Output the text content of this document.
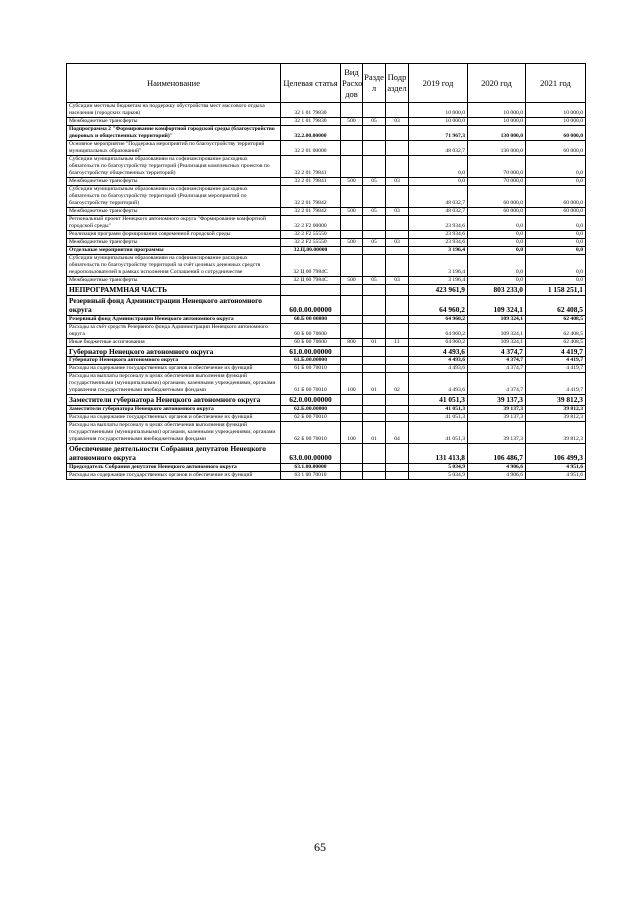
Наименование	Целевая статья	Вид Расхо дов	Разде л	Подр аздел	2019 год	2020 год	2021 год
Субсидии местным бюджетам на поддержку обустройства мест массового отдыха населения (городских парков)	32 1 01 79830				10 000,0	10 000,0	10 000,0
Межбюджетные трансферты	32 1 01 79830	500	05	03	10 000,0	10 000,0	10 000,0
Подпрограмма 2 "Формирование комфортной городской среды (благоустройство дворовых и общественных территорий)"	32.2.00.00000				71 967,3	130 000,0	60 000,0
Основное мероприятие "Поддержка мероприятий по благоустройству территорий муниципальных образований"	32 2 01 00000				48 032,7	130 000,0	60 000,0
Субсидии муниципальным образованиям на софинансирование расходных обязательств по благоустройству территорий (Реализация комплексных проектов по благоустройству общественных территорий)	32 2 01 79841				0,0	70 000,0	0,0
Межбюджетные трансферты	32 2 01 79841	500	05	03	0,0	70 000,0	0,0
Субсидии муниципальным образованиям на софинансирование расходных обязательств по благоустройству территорий (Реализация мероприятий по благоустройству территорий)	32 2 01 79842				48 032,7	60 000,0	60 000,0
Межбюджетные трансферты	32 2 01 79842	500	05	03	48 032,7	60 000,0	60 000,0
Региональный проект Ненецкого автономного округа "Формирование комфортной городской среды"	32 2 F2 00000				23 934,6	0,0	0,0
Реализация программ формирования современной городской среды	32 2 F2 55550				23 934,6	0,0	0,0
Межбюджетные трансферты	32 2 F2 55550	500	05	03	23 934,6	0,0	0,0
Отдельные мероприятия программы	32.Ц.00.00000				3 196,4	0,0	0,0
Субсидии муниципальным образованиям на софинансирование расходных обязательств по благоустройству территорий за счёт целевых денежных средств недропользователей в рамках исполнения Соглашений о сотрудничестве	32 Ц 00 7984С				3 196,4	0,0	0,0
Межбюджетные трансферты	32 Ц 00 7984С	500	05	03	3 196,4	0,0	0,0
НЕПРОГРАММНАЯ ЧАСТЬ					423 961,9	803 233,0	1 158 251,1
Резервный фонд Администрации Ненецкого автономного округа	60.0.00.00000				64 960,2	109 324,1	62 408,5
Резервный фонд Администрации Ненецкого автономного округа	60.Б 00 00000				64 960,2	109 324,1	62 408,5
Расходы за счёт средств Резервного фонда Администрации Ненецкого автономного округа	60 Б 00 70600				64 960,2	109 324,1	62 408,5
Иные бюджетные ассигнования	60 Б 00 70600	800	01	11	64 960,2	109 324,1	62 408,5
Губернатор Ненецкого автономного округа	61.0.00.00000				4 493,6	4 374,7	4 419,7
Губернатор Ненецкого автономного округа	61.Б.00.00000				4 493,6	4 374,7	4 419,7
Расходы на содержание государственных органов и обеспечение их функций	61 Б 00 70010				4 493,6	4 374,7	4 419,7
Расходы на выплаты персоналу в целях обеспечения выполнения функций государственными (муниципальными) органами, казенными учреждениями, органами управления государственными внебюджетными фондами	61 Б 00 70010	100	01	02	4 493,6	4 374,7	4 419,7
Заместители губернатора Ненецкого автономного округа	62.0.00.00000				41 051,3	39 137,3	39 812,3
Заместители губернатора Ненецкого автономного округа	62.Б.00.00000				41 051,3	39 137,3	39 812,3
Расходы на содержание государственных органов и обеспечение их функций	62 Б 00 70010				41 051,3	39 137,3	39 812,3
Расходы на выплаты персоналу в целях обеспечения выполнения функций государственными (муниципальными) органами, казенными учреждениями, органами управления государственными внебюджетными фондами	62 Б 00 70010	100	01	04	41 051,3	39 137,3	39 812,3
Обеспечение деятельности Собрания депутатов Ненецкого автономного округа	63.0.00.00000				131 413,8	106 486,7	106 499,3
Председатель Собрания депутатов Ненецкого автономного округа	63.1.00.00000				5 034,9	4 906,6	4 951,6
Расходы на содержание государственных органов и обеспечение их функций	63 1 00 70010				5 034,9	4 906,6	4 951,6
65
